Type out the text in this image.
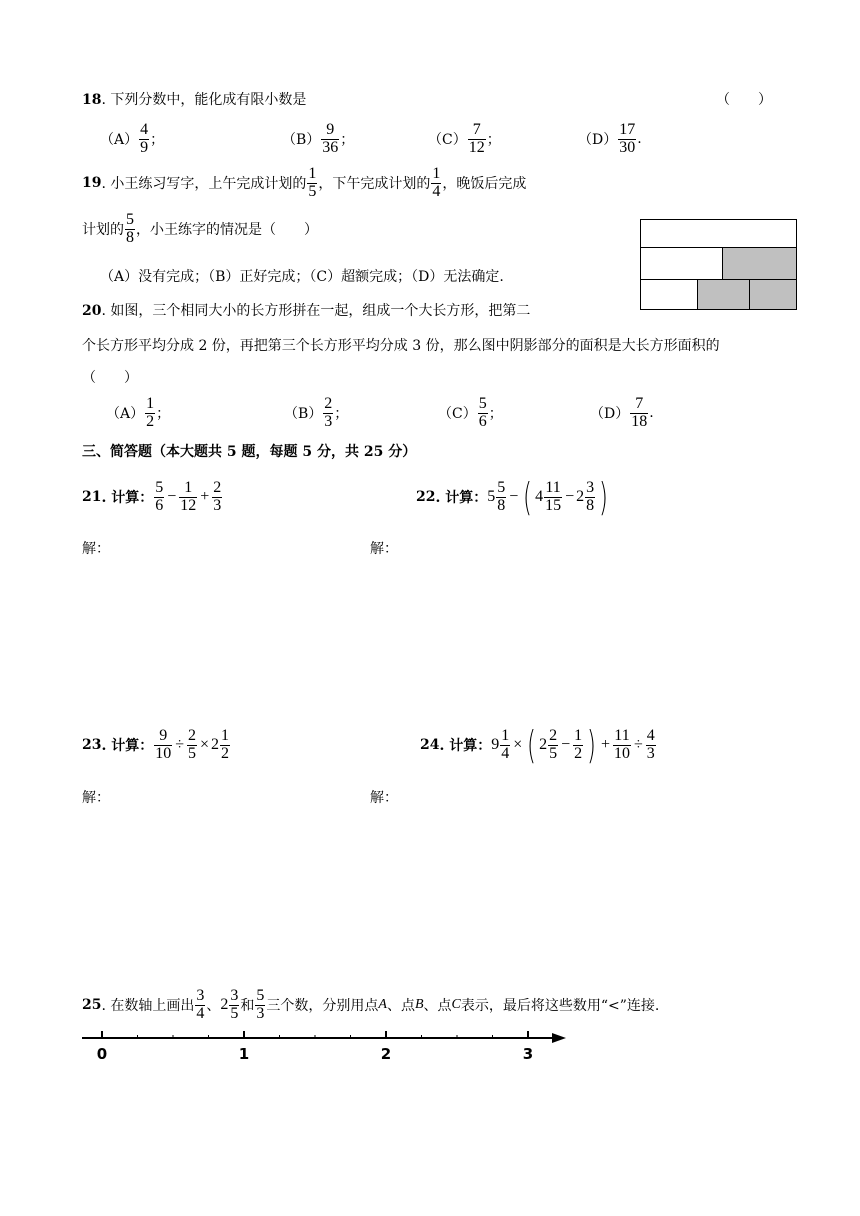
18. 下列分数中，能化成有限小数是	（　　）
$(A) \frac{4}{9}$ ；	$(B) \frac{9}{36}$ ；	$(C) \frac{7}{12}$ ；	$(D) \frac{17}{30}$ .
19 . 小王练习写字，上午完成计划的 $\frac{1}{5}$ ，下午完成计划的 $\frac{1}{4}$ ，晚饭后完成
计划的 $\frac{5}{8}$ ，小王练字的情况是（　　）
（A）没有完成；（B）正好完成；（C）超额完成；（D）无法确定.
20. 如图，三个相同大小的长方形拼在一起，组成一个大长方形，把第二
个长方形平均分成 2 份，再把第三个长方形平均分成 3 份，那么图中阴影部分的面积是大长方形面积的
（　　）
$(A) \frac{1}{2}$ ；	$(B) \frac{2}{3}$ ；	$(C) \frac{5}{6}$ ；	$(D) \frac{7}{18}$ .
三、简答题（本大题共 5 题，每题 5 分，共 25 分）
21 . 计算： $\frac{5}{6} - \frac{1}{12} + \frac{2}{3}$
解：
22 . 计算： $5 \frac{5}{8}$ − ( $4 \frac{11}{15} - 2 \frac{3}{8}$ )
解：
23 . 计算： $\frac{9}{10} \div \frac{2}{5} \times 2 \frac{1}{2}$
解：
24 . 计算： $9 \frac{1}{4}$ × ( $2 \frac{2}{5} - \frac{1}{2}$ ) + $\frac{11}{10} \div \frac{4}{3}$
解：
25 . 在数轴上画出 $\frac{3}{4}$ 、 $2 \frac{3}{5}$ 和 $\frac{5}{3}$ 三个数，分别用点 A 、点 B 、点 C 表示，最后将这些数用“<”连接.
0	1	2	3
